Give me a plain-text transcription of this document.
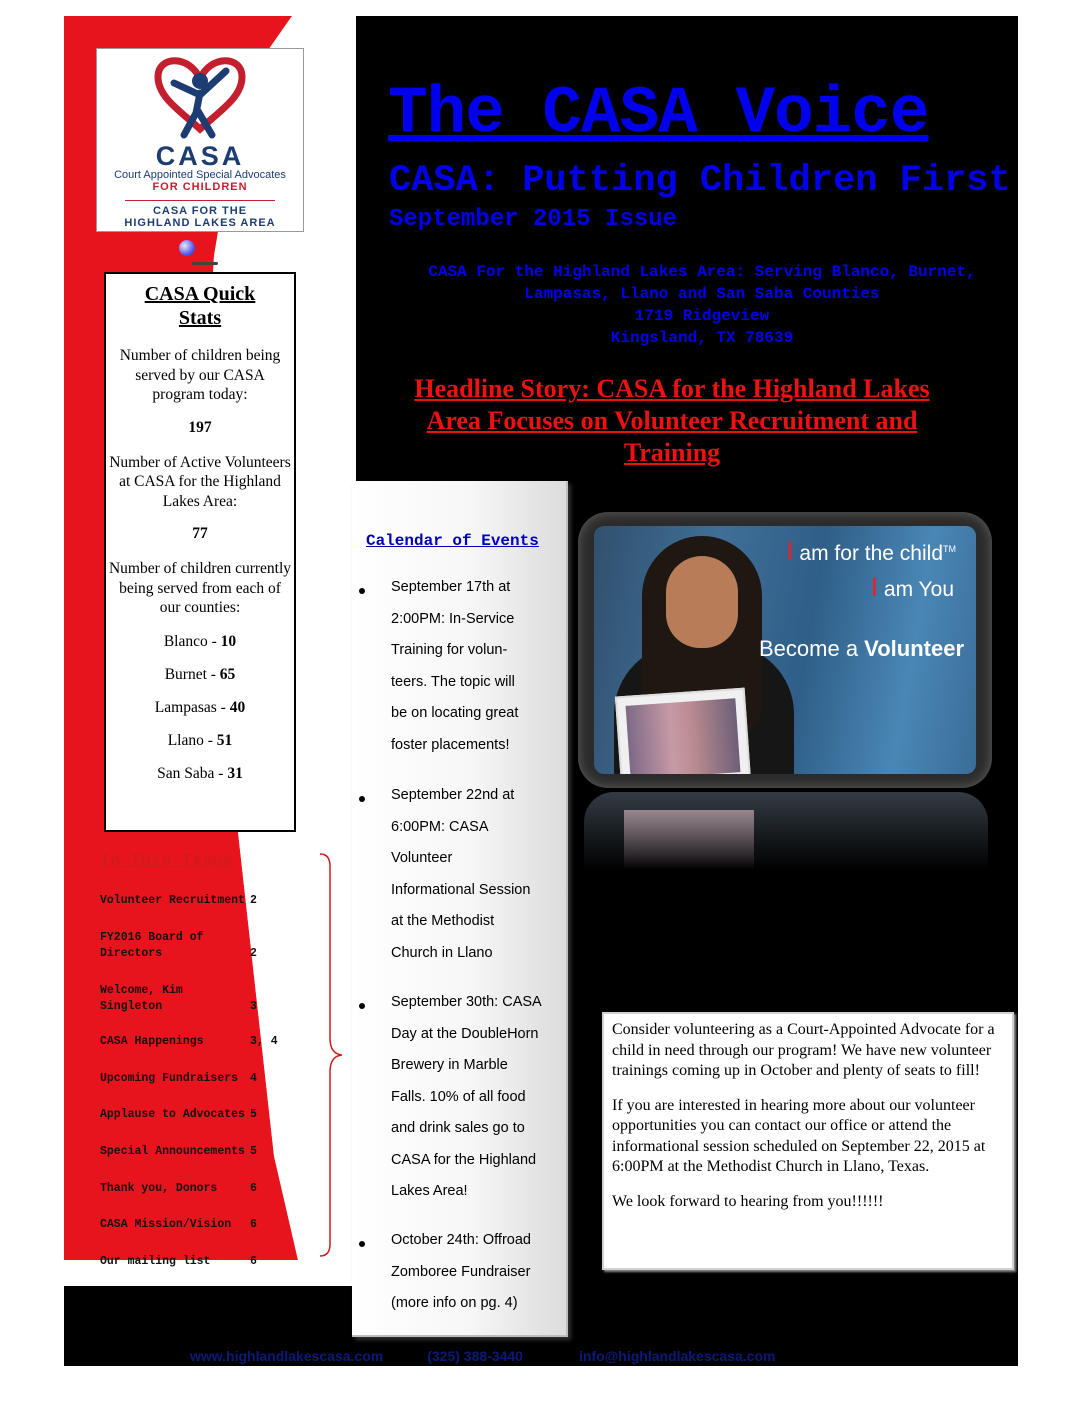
CASA
Court Appointed Special Advocates
FOR CHILDREN
CASA FOR THE
HIGHLAND LAKES AREA
CASA Quick
Stats
Number of children being served by our CASA program today:
197
Number of Active Volunteers at CASA for the Highland Lakes Area:
77
Number of children currently being served from each of our counties:
Blanco - 10
Burnet - 65
Lampasas - 40
Llano - 51
San Saba - 31
In This Issue
Volunteer Recruitment 2
FY2016 Board of Directors	2
Welcome, Kim Singleton	3
CASA Happenings	3, 4
Upcoming Fundraisers 4
Applause to Advocates 5
Special Announcements 5
Thank you, Donors	6
CASA Mission/Vision 6
Our mailing list	6
The CASA Voice
CASA: Putting Children First
September 2015 Issue
CASA For the Highland Lakes Area: Serving Blanco, Burnet,
Lampasas, Llano and San Saba Counties
1719 Ridgeview
Kingsland, TX 78639
Headline Story: CASA for the Highland Lakes
Area Focuses on Volunteer Recruitment and
Training
Calendar of Events
September 17th at
2:00PM: In-Service
Training for volun-
teers. The topic will
be on locating great
foster placements!
September 22nd at
6:00PM: CASA
Volunteer
Informational Session
at the Methodist
Church in Llano
September 30th: CASA
Day at the DoubleHorn
Brewery in Marble
Falls. 10% of all food
and drink sales go to
CASA for the Highland
Lakes Area!
October 24th: Offroad
Zomboree Fundraiser
(more info on pg. 4)
I am for the child™
I am You
Become a Volunteer

Consider volunteering as a Court-Appointed Advocate for a child in need through our program! We have new volunteer trainings coming up in October and plenty of seats to fill!

If you are interested in hearing more about our volunteer opportunities you can contact our office or attend the informational session scheduled on September 22, 2015 at 6:00PM at the Methodist Church in Llano, Texas.

We look forward to hearing from you!!!!!!

www.highlandlakescasa.com	(325) 388-3440	info@highlandlakescasa.com
